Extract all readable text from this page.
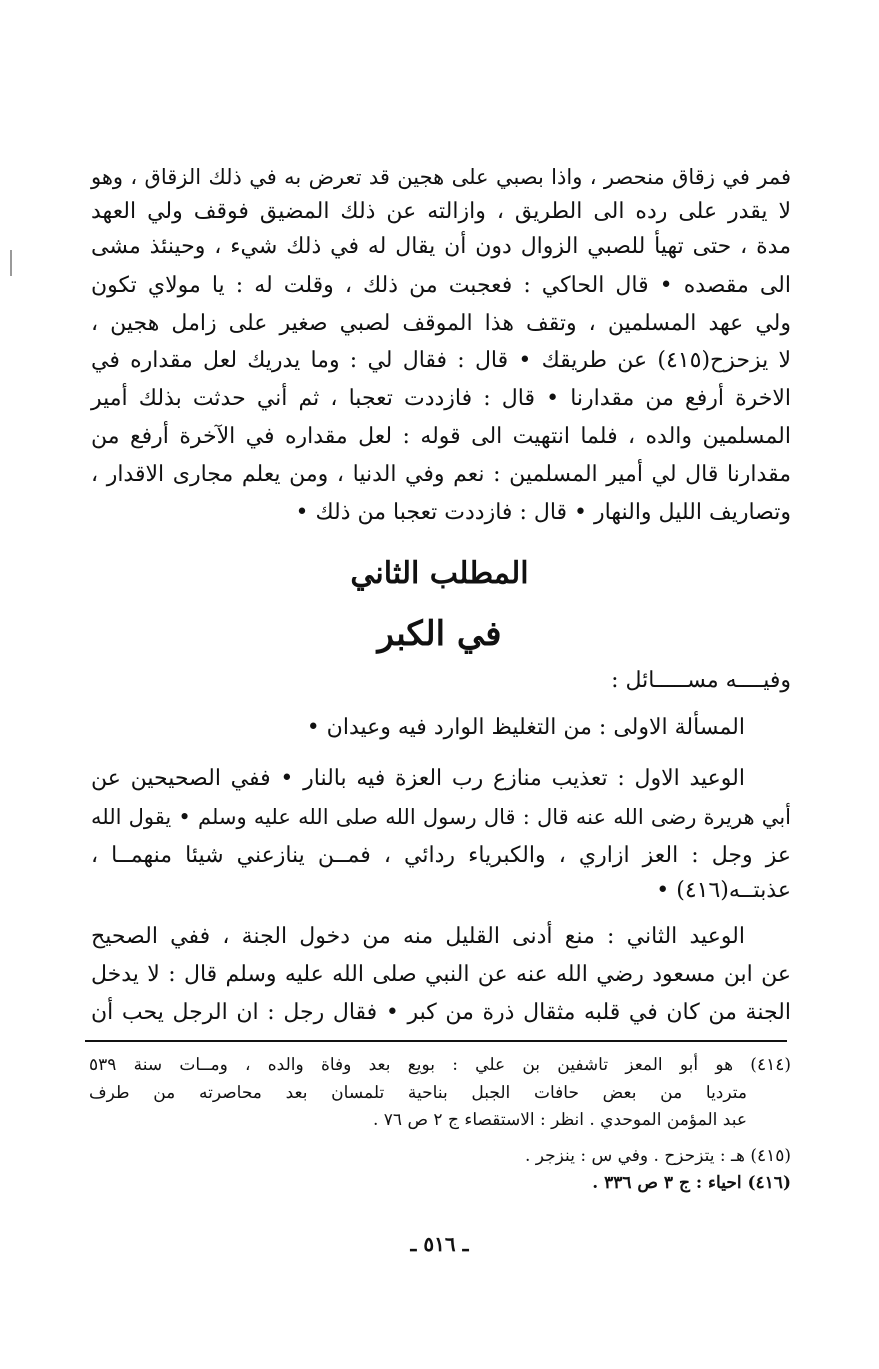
فمر في زقاق منحصر ، واذا بصبي على هجين قد تعرض به في ذلك الزقاق ، وهو
لا يقدر على رده الى الطريق ، وازالته عن ذلك المضيق فوقف ولي العهد
مدة ، حتى تهيأ للصبي الزوال دون أن يقال له في ذلك شيء ، وحينئذ مشى
الى مقصده • قال الحاكي : فعجبت من ذلك ، وقلت له : يا مولاي تكون
ولي عهد المسلمين ، وتقف هذا الموقف لصبي صغير على زامل هجين ،
لا يزحزح(٤١٥) عن طريقك • قال : فقال لي : وما يدريك لعل مقداره في
الاخرة أرفع من مقدارنا • قال : فازددت تعجبا ، ثم أني حدثت بذلك أمير
المسلمين والده ، فلما انتهيت الى قوله : لعل مقداره في الآخرة أرفع من
مقدارنا قال لي أمير المسلمين : نعم وفي الدنيا ، ومن يعلم مجارى الاقدار ،
وتصاريف الليل والنهار • قال : فازددت تعجبا من ذلك •
المطلب الثاني
في الكبر
وفيــــه مســـــائل :
المسألة الاولى : من التغليظ الوارد فيه وعيدان •
الوعيد الاول : تعذيب منازع رب العزة فيه بالنار • ففي الصحيحين عن
أبي هريرة رضى الله عنه قال : قال رسول الله صلى الله عليه وسلم • يقول الله
عز وجل : العز ازاري ، والكبرياء ردائي ، فمــن ينازعني شيئا منهمــا ،
عذبتــه(٤١٦) •
الوعيد الثاني : منع أدنى القليل منه من دخول الجنة ، ففي الصحيح
عن ابن مسعود رضي الله عنه عن النبي صلى الله عليه وسلم قال : لا يدخل
الجنة من كان في قلبه مثقال ذرة من كبر • فقال رجل : ان الرجل يحب أن
(٤١٤) هو أبو المعز تاشفين بن علي : بويع بعد وفاة والده ، ومــات سنة ٥٣٩
مترديا من بعض حافات الجبل بناحية تلمسان بعد محاصرته من طرف
عبد المؤمن الموحدي . انظر : الاستقصاء ج ٢ ص ٧٦ .
(٤١٥) هـ : يتزحزح . وفي س : ينزجر .
(٤١٦) احياء : ج ٣ ص ٣٣٦ .
ـ ٥١٦ ـ
